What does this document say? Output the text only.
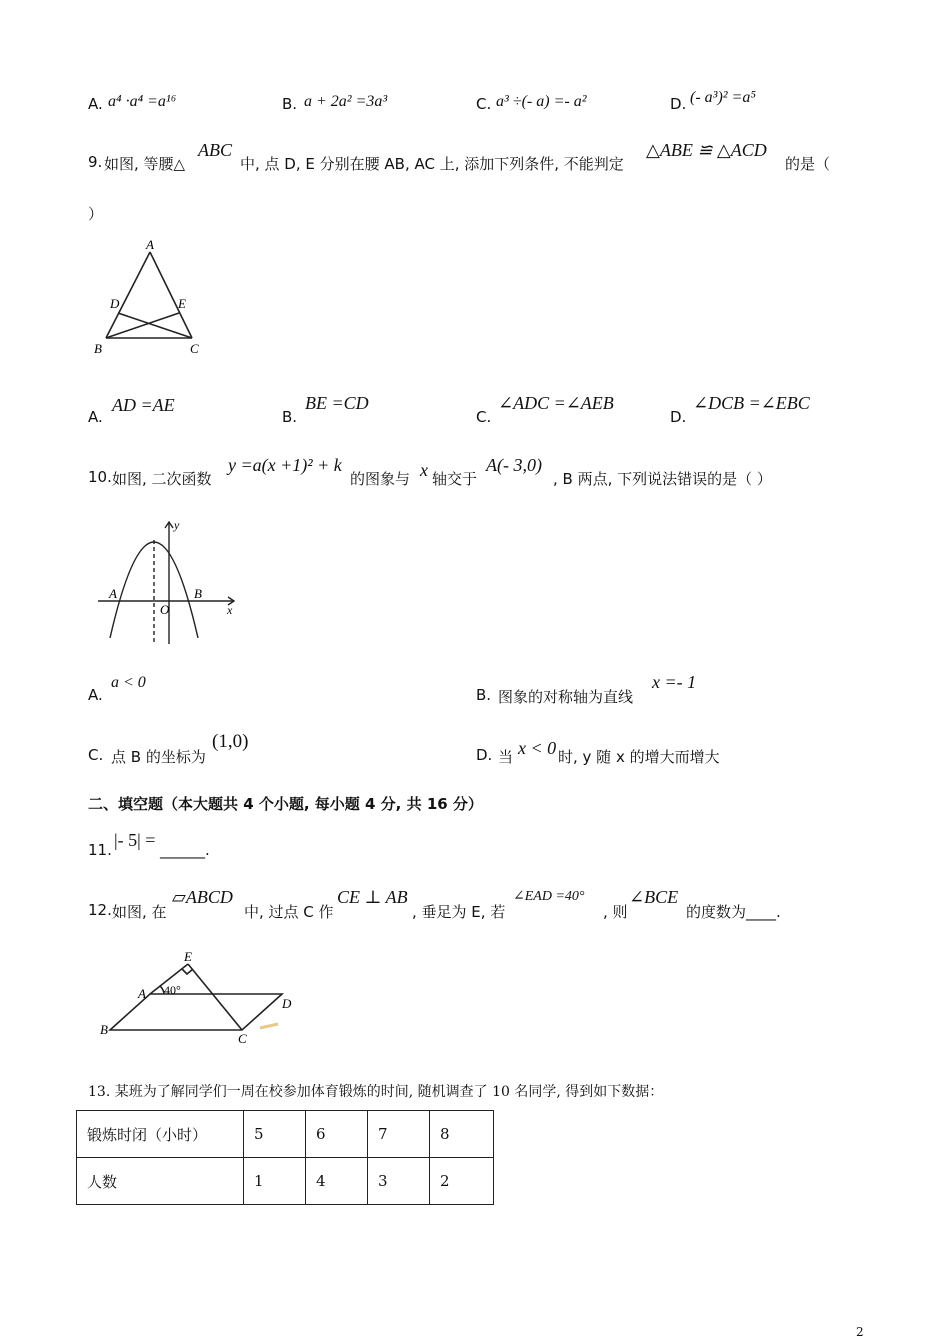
A. a⁴ ·a⁴ =a¹⁶	B. a + 2a² =3a³	C. a³ ÷(- a) =- a²	D. (- a³)² =a⁵
9. 如图, 等腰△
ABC
中, 点 D, E 分别在腰 AB, AC 上, 添加下列条件, 不能判定
△ABE ≌ △ACD
的是（
）
A
D	E
B	C
A.
AD =AE
B.
BE =CD
C.
∠ADC =∠AEB
D.
∠DCB =∠EBC
10. 如图, 二次函数
y =a(x +1)² + k
的图象与 x 轴交于
A(- 3,0)
, B 两点, 下列说法错误的是（ ）
y
x
A
O
B
A.
a < 0
B. 图象的对称轴为直线
x =- 1
C. 点 B 的坐标为
(1,0)
D. 当 x < 0 时, y 随 x 的增大而增大
二、填空题（本大题共 4 个小题, 每小题 4 分, 共 16 分）
11. |- 5| = ______.
12. 如图, 在
▱ABCD
中, 过点 C 作
CE ⊥ AB
, 垂足为 E, 若
∠EAD =40°
, 则
∠BCE
的度数为____.
E
A 40°
D
B
C
13. 某班为了解同学们一周在校参加体育锻炼的时间, 随机调查了 10 名同学, 得到如下数据：
锻炼时闭（小时）	5	6	7	8
人数	1	4	3	2
2
